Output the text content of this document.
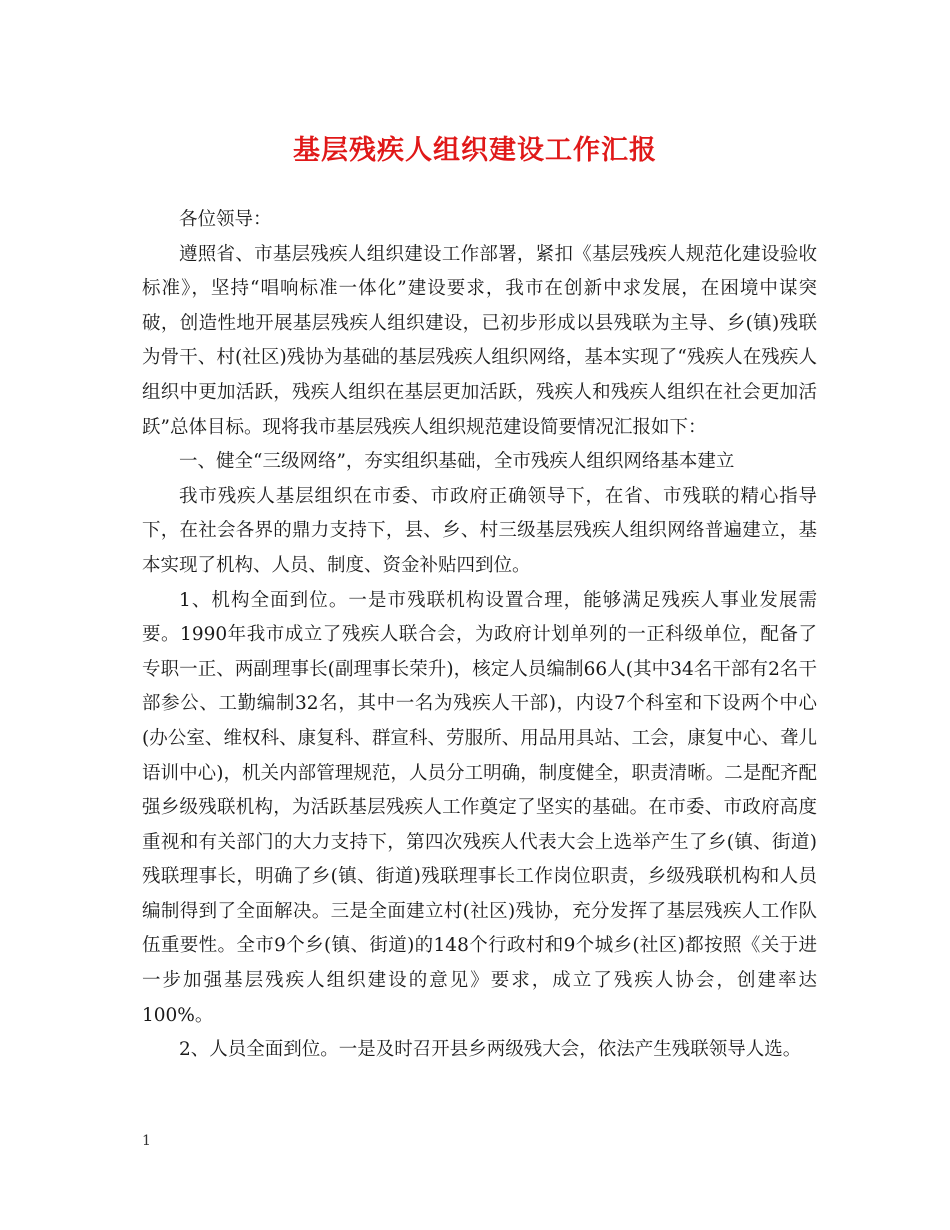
基层残疾人组织建设工作汇报

各位领导：

遵照省、市基层残疾人组织建设工作部署，紧扣《基层残疾人规范化建设验收标准》，坚持“唱响标准一体化”建设要求，我市在创新中求发展，在困境中谋突破，创造性地开展基层残疾人组织建设，已初步形成以县残联为主导、乡(镇)残联为骨干、村(社区)残协为基础的基层残疾人组织网络，基本实现了“残疾人在残疾人组织中更加活跃，残疾人组织在基层更加活跃，残疾人和残疾人组织在社会更加活跃”总体目标。现将我市基层残疾人组织规范建设简要情况汇报如下：

一、健全“三级网络”，夯实组织基础，全市残疾人组织网络基本建立

我市残疾人基层组织在市委、市政府正确领导下，在省、市残联的精心指导下，在社会各界的鼎力支持下，县、乡、村三级基层残疾人组织网络普遍建立，基本实现了机构、人员、制度、资金补贴四到位。

1、机构全面到位。一是市残联机构设置合理，能够满足残疾人事业发展需要。1990年我市成立了残疾人联合会，为政府计划单列的一正科级单位，配备了专职一正、两副理事长(副理事长荣升)，核定人员编制66人(其中34名干部有2名干部参公、工勤编制32名，其中一名为残疾人干部)，内设7个科室和下设两个中心(办公室、维权科、康复科、群宣科、劳服所、用品用具站、工会，康复中心、聋儿语训中心)，机关内部管理规范，人员分工明确，制度健全，职责清晰。二是配齐配强乡级残联机构，为活跃基层残疾人工作奠定了坚实的基础。在市委、市政府高度重视和有关部门的大力支持下，第四次残疾人代表大会上选举产生了乡(镇、街道)残联理事长，明确了乡(镇、街道)残联理事长工作岗位职责，乡级残联机构和人员编制得到了全面解决。三是全面建立村(社区)残协，充分发挥了基层残疾人工作队伍重要性。全市9个乡(镇、街道)的148个行政村和9个城乡(社区)都按照《关于进一步加强基层残疾人组织建设的意见》要求，成立了残疾人协会，创建率达100%。

2、人员全面到位。一是及时召开县乡两级残大会，依法产生残联领导人选。

1
